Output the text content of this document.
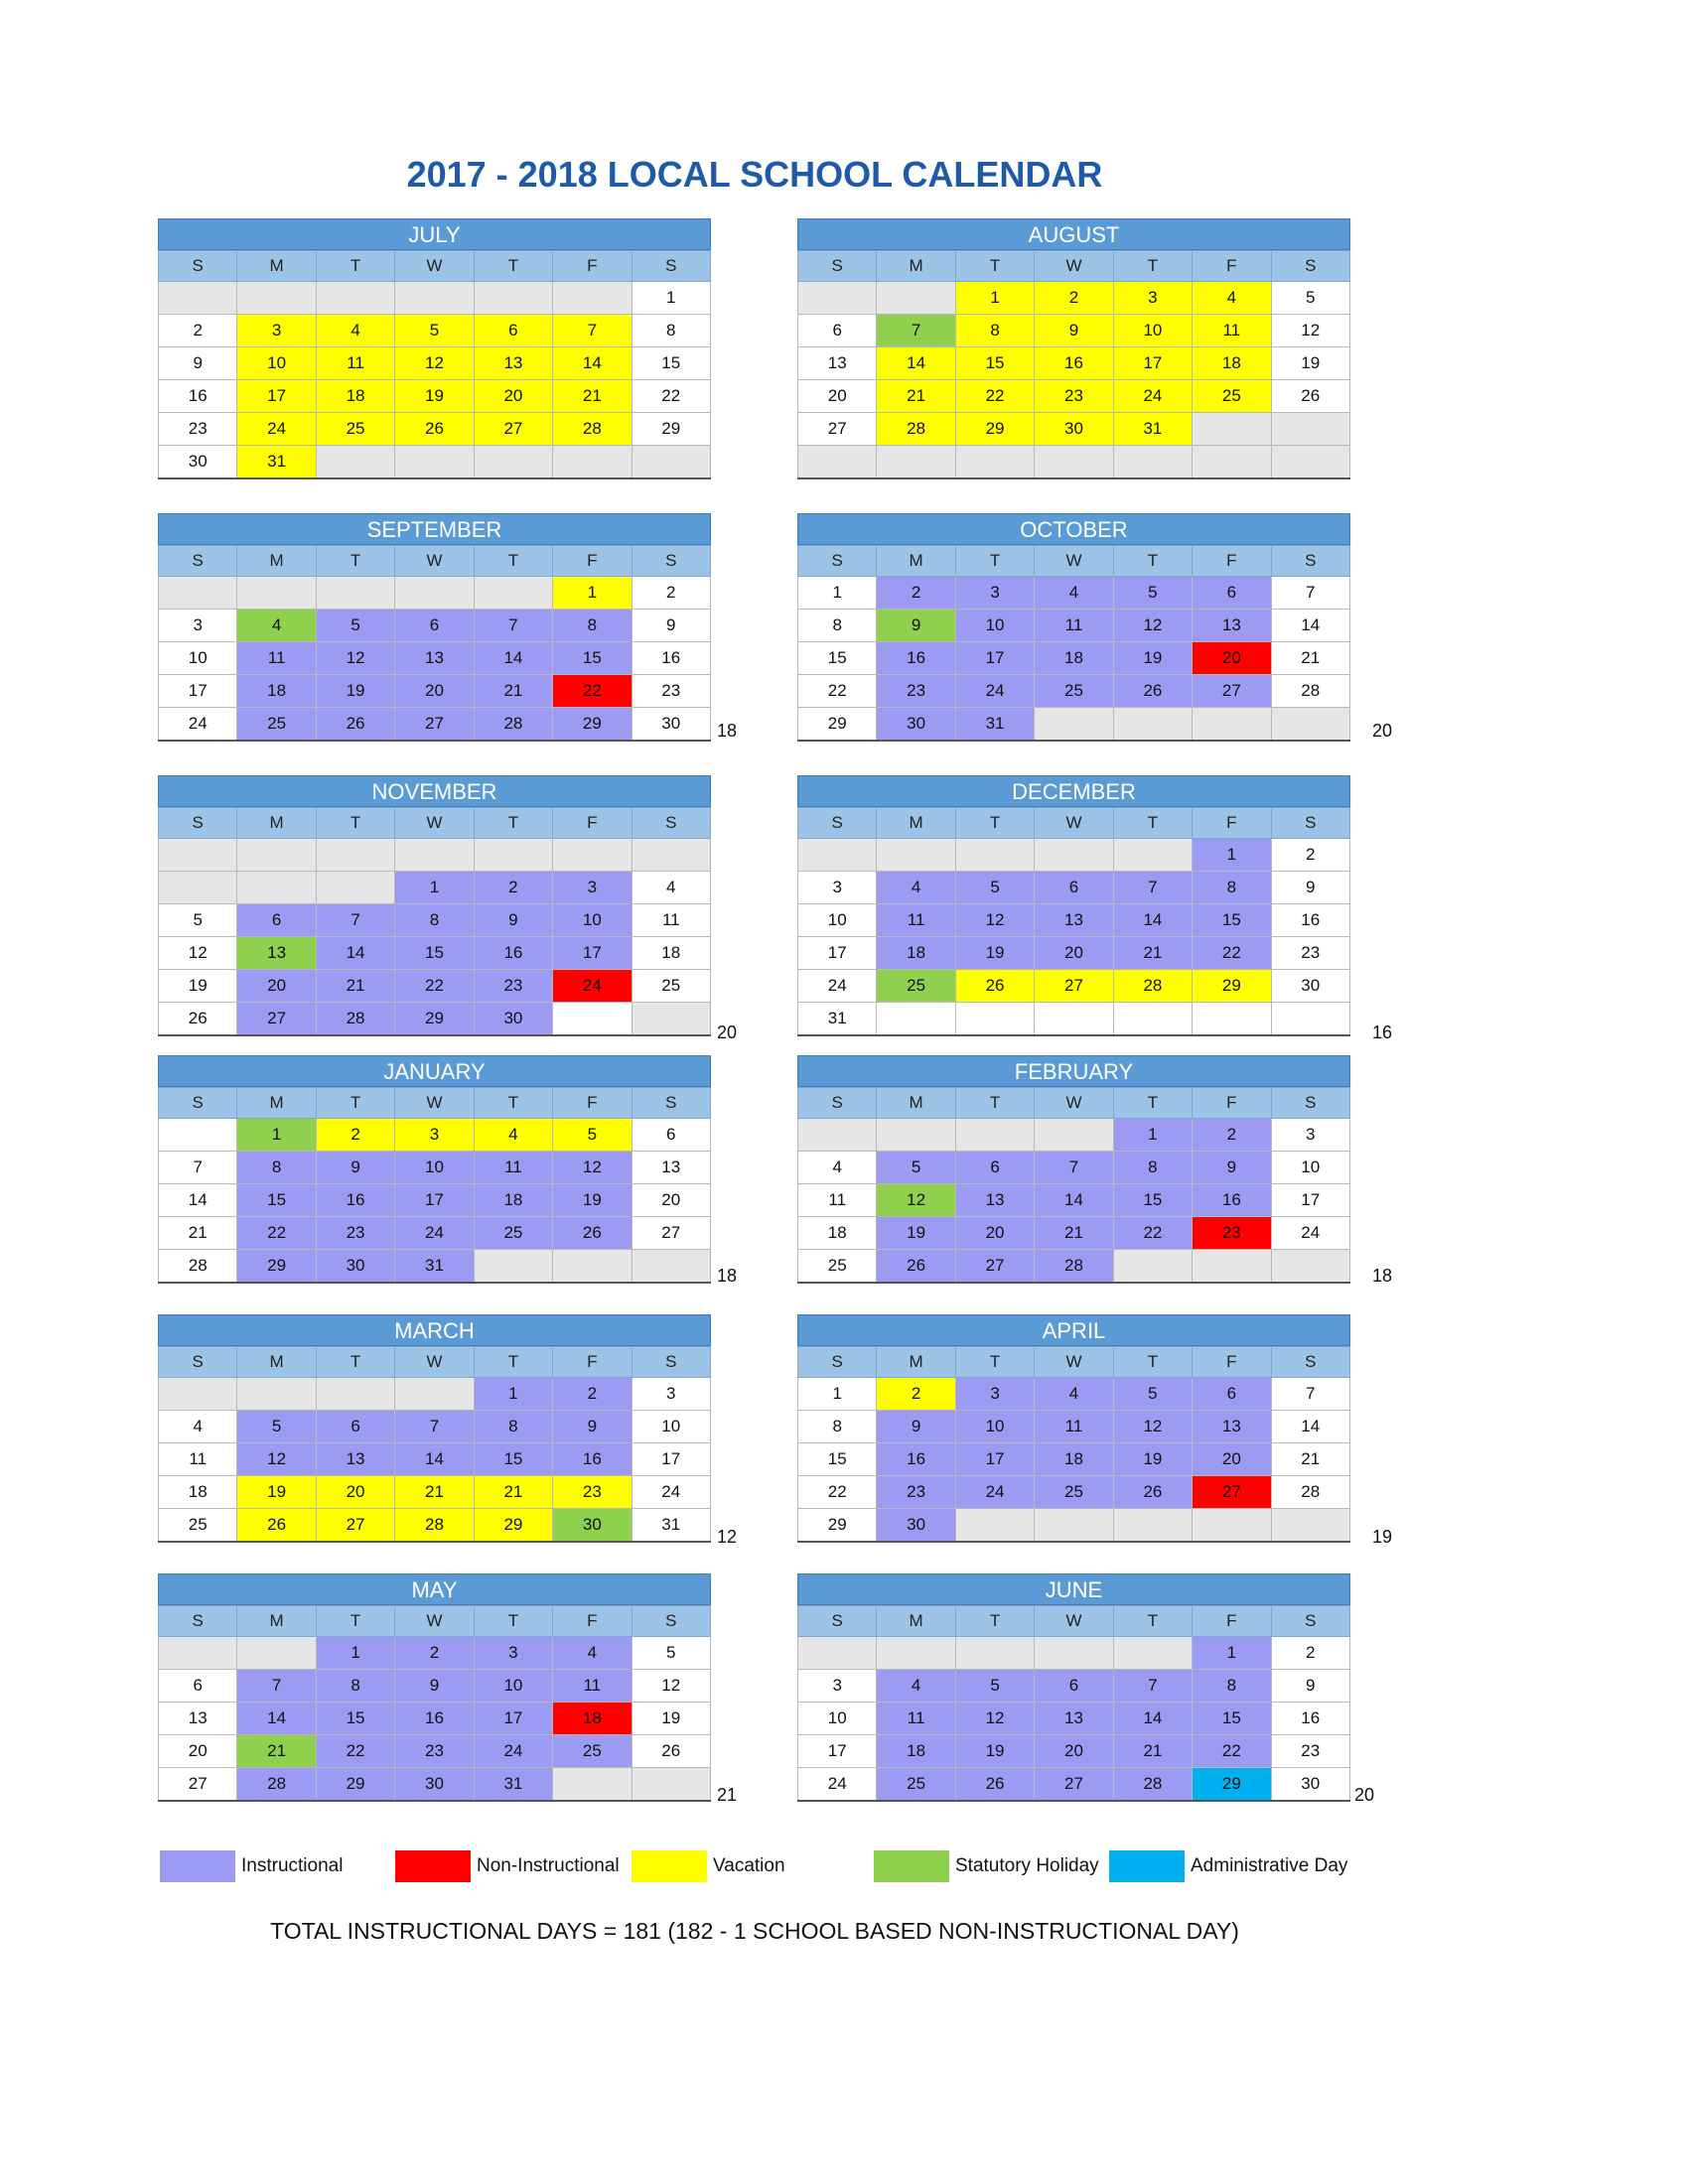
2017 - 2018 LOCAL SCHOOL CALENDAR
JULY
S	M	T	W	T	F	S
						1
2	3	4	5	6	7	8
9	10	11	12	13	14	15
16	17	18	19	20	21	22
23	24	25	26	27	28	29
30	31					
AUGUST
S	M	T	W	T	F	S
		1	2	3	4	5
6	7	8	9	10	11	12
13	14	15	16	17	18	19
20	21	22	23	24	25	26
27	28	29	30	31		

SEPTEMBER
S	M	T	W	T	F	S
					1	2
3	4	5	6	7	8	9
10	11	12	13	14	15	16
17	18	19	20	21	22	23
24	25	26	27	28	29	30
OCTOBER
S	M	T	W	T	F	S
1	2	3	4	5	6	7
8	9	10	11	12	13	14
15	16	17	18	19	20	21
22	23	24	25	26	27	28
29	30	31				
NOVEMBER
S	M	T	W	T	F	S

			1	2	3	4
5	6	7	8	9	10	11
12	13	14	15	16	17	18
19	20	21	22	23	24	25
26	27	28	29	30		
DECEMBER
S	M	T	W	T	F	S
					1	2
3	4	5	6	7	8	9
10	11	12	13	14	15	16
17	18	19	20	21	22	23
24	25	26	27	28	29	30
31						
JANUARY
S	M	T	W	T	F	S
	1	2	3	4	5	6
7	8	9	10	11	12	13
14	15	16	17	18	19	20
21	22	23	24	25	26	27
28	29	30	31			
FEBRUARY
S	M	T	W	T	F	S
				1	2	3
4	5	6	7	8	9	10
11	12	13	14	15	16	17
18	19	20	21	22	23	24
25	26	27	28			
MARCH
S	M	T	W	T	F	S
				1	2	3
4	5	6	7	8	9	10
11	12	13	14	15	16	17
18	19	20	21	21	23	24
25	26	27	28	29	30	31
APRIL
S	M	T	W	T	F	S
1	2	3	4	5	6	7
8	9	10	11	12	13	14
15	16	17	18	19	20	21
22	23	24	25	26	27	28
29	30					
MAY
S	M	T	W	T	F	S
		1	2	3	4	5
6	7	8	9	10	11	12
13	14	15	16	17	18	19
20	21	22	23	24	25	26
27	28	29	30	31		
JUNE
S	M	T	W	T	F	S
					1	2
3	4	5	6	7	8	9
10	11	12	13	14	15	16
17	18	19	20	21	22	23
24	25	26	27	28	29	30
18	20
20	16
18	18
12	19
21	20
Instructional	Non-Instructional	Vacation	Statutory Holiday	Administrative Day
TOTAL INSTRUCTIONAL DAYS = 181 (182 - 1 SCHOOL BASED NON-INSTRUCTIONAL DAY)
